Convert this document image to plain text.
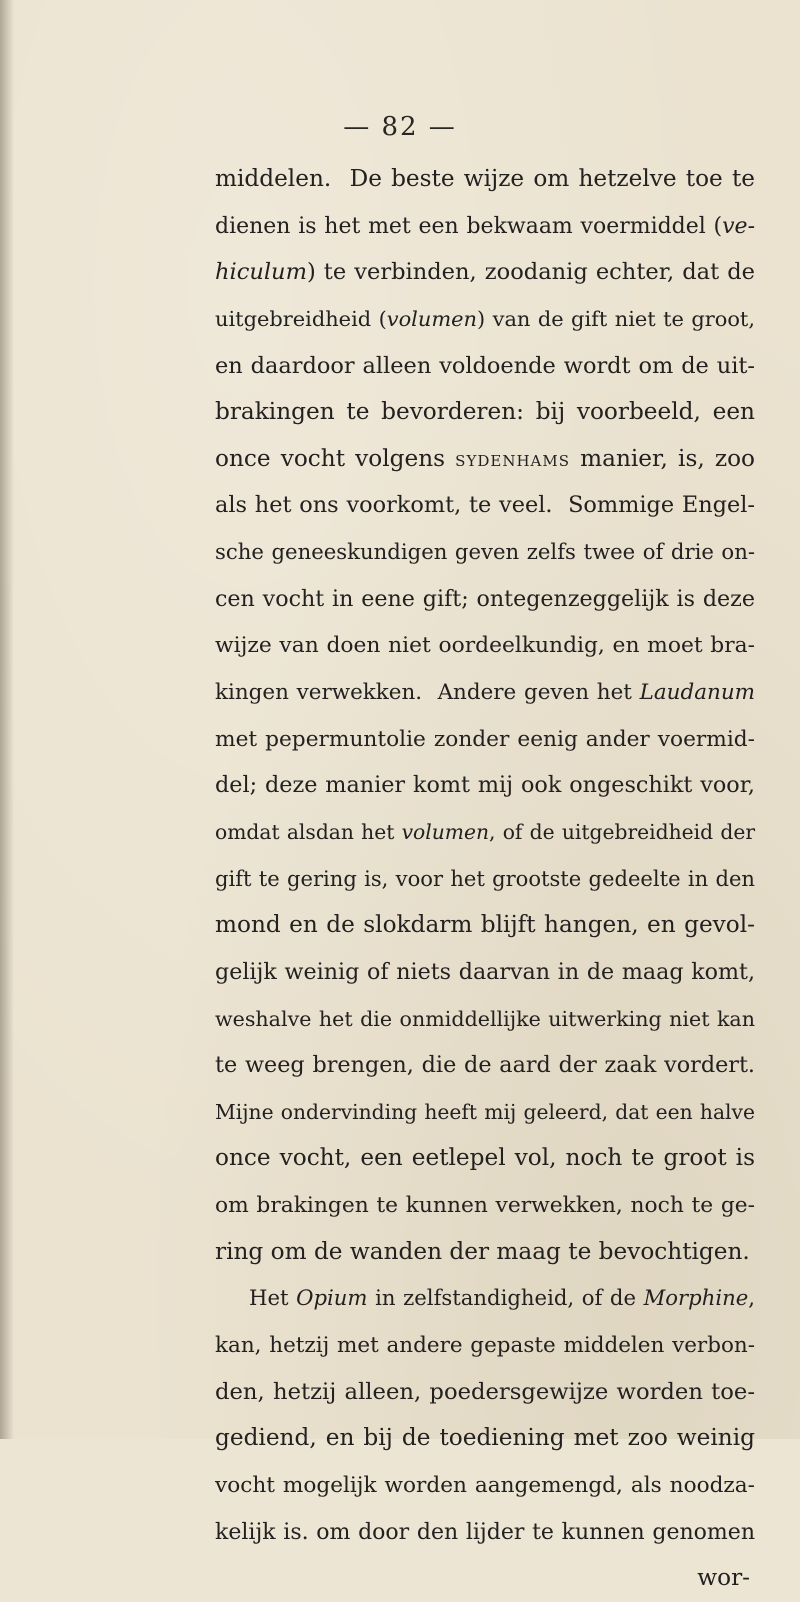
— 82 —

middelen.  De beste wijze om hetzelve toe te

dienen is het met een bekwaam voermiddel (ve-

hiculum) te verbinden, zoodanig echter, dat de

uitgebreidheid (volumen) van de gift niet te groot,

en daardoor alleen voldoende wordt om de uit-

brakingen te bevorderen: bij voorbeeld, een

once vocht volgens sydenhams manier, is, zoo

als het ons voorkomt, te veel.  Sommige Engel-

sche geneeskundigen geven zelfs twee of drie on-

cen vocht in eene gift; ontegenzeggelijk is deze

wijze van doen niet oordeelkundig, en moet bra-

kingen verwekken.  Andere geven het Laudanum

met pepermuntolie zonder eenig ander voermid-

del; deze manier komt mij ook ongeschikt voor,

omdat alsdan het volumen, of de uitgebreidheid der

gift te gering is, voor het grootste gedeelte in den

mond en de slokdarm blijft hangen, en gevol-

gelijk weinig of niets daarvan in de maag komt,

weshalve het die onmiddellijke uitwerking niet kan

te weeg brengen, die de aard der zaak vordert.

Mijne ondervinding heeft mij geleerd, dat een halve

once vocht, een eetlepel vol, noch te groot is

om brakingen te kunnen verwekken, noch te ge-

ring om de wanden der maag te bevochtigen.

Het Opium in zelfstandigheid, of de Morphine,

kan, hetzij met andere gepaste middelen verbon-

den, hetzij alleen, poedersgewijze worden toe-

gediend, en bij de toediening met zoo weinig

vocht mogelijk worden aangemengd, als noodza-

kelijk is. om door den lijder te kunnen genomen

wor-
